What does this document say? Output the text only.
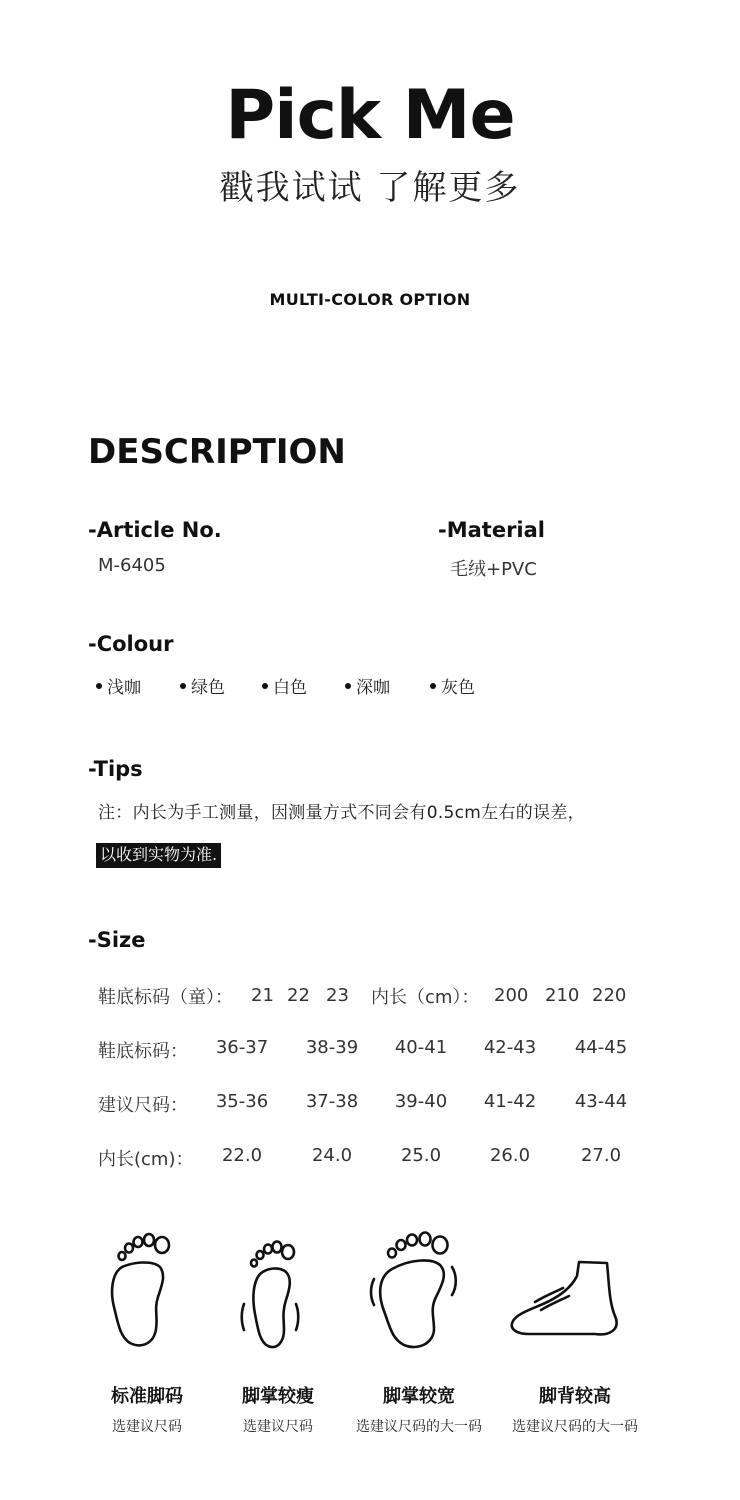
Pick Me
戳我试试 了解更多
MULTI-COLOR OPTION
DESCRIPTION
-Article No.
M-6405
-Material
毛绒+PVC
-Colour
浅咖	绿色	白色	深咖	灰色
-Tips
注：内长为手工测量，因测量方式不同会有0.5cm左右的误差，
以收到实物为准.
-Size
鞋底标码（童）： 21 22 23 内长（cm）： 200 210 220
鞋底标码：	36-37	38-39	40-41	42-43	44-45
建议尺码：	35-36	37-38	39-40	41-42	43-44
内长(cm)：	22.0	24.0	25.0	26.0	27.0
标准脚码
选建议尺码
脚掌较瘦
选建议尺码
脚掌较宽
选建议尺码的大一码
脚背较高
选建议尺码的大一码
